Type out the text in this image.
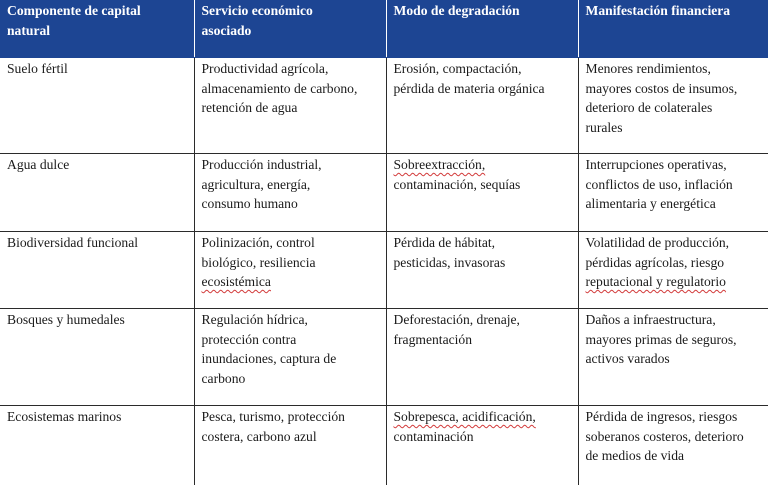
Componente de capital
natural	Servicio económico
asociado	Modo de degradación	Manifestación financiera

Suelo fértil	Productividad agrícola,
almacenamiento de carbono,
retención de agua	Erosión, compactación,
pérdida de materia orgánica	Menores rendimientos,
mayores costos de insumos,
deterioro de colaterales
rurales

Agua dulce	Producción industrial,
agricultura, energía,
consumo humano	Sobreextracción,
contaminación, sequías	Interrupciones operativas,
conflictos de uso, inflación
alimentaria y energética

Biodiversidad funcional	Polinización, control
biológico, resiliencia
ecosistémica	Pérdida de hábitat,
pesticidas, invasoras	Volatilidad de producción,
pérdidas agrícolas, riesgo
reputacional y regulatorio

Bosques y humedales	Regulación hídrica,
protección contra
inundaciones, captura de
carbono	Deforestación, drenaje,
fragmentación	Daños a infraestructura,
mayores primas de seguros,
activos varados

Ecosistemas marinos	Pesca, turismo, protección
costera, carbono azul	Sobrepesca, acidificación,
contaminación	Pérdida de ingresos, riesgos
soberanos costeros, deterioro
de medios de vida
